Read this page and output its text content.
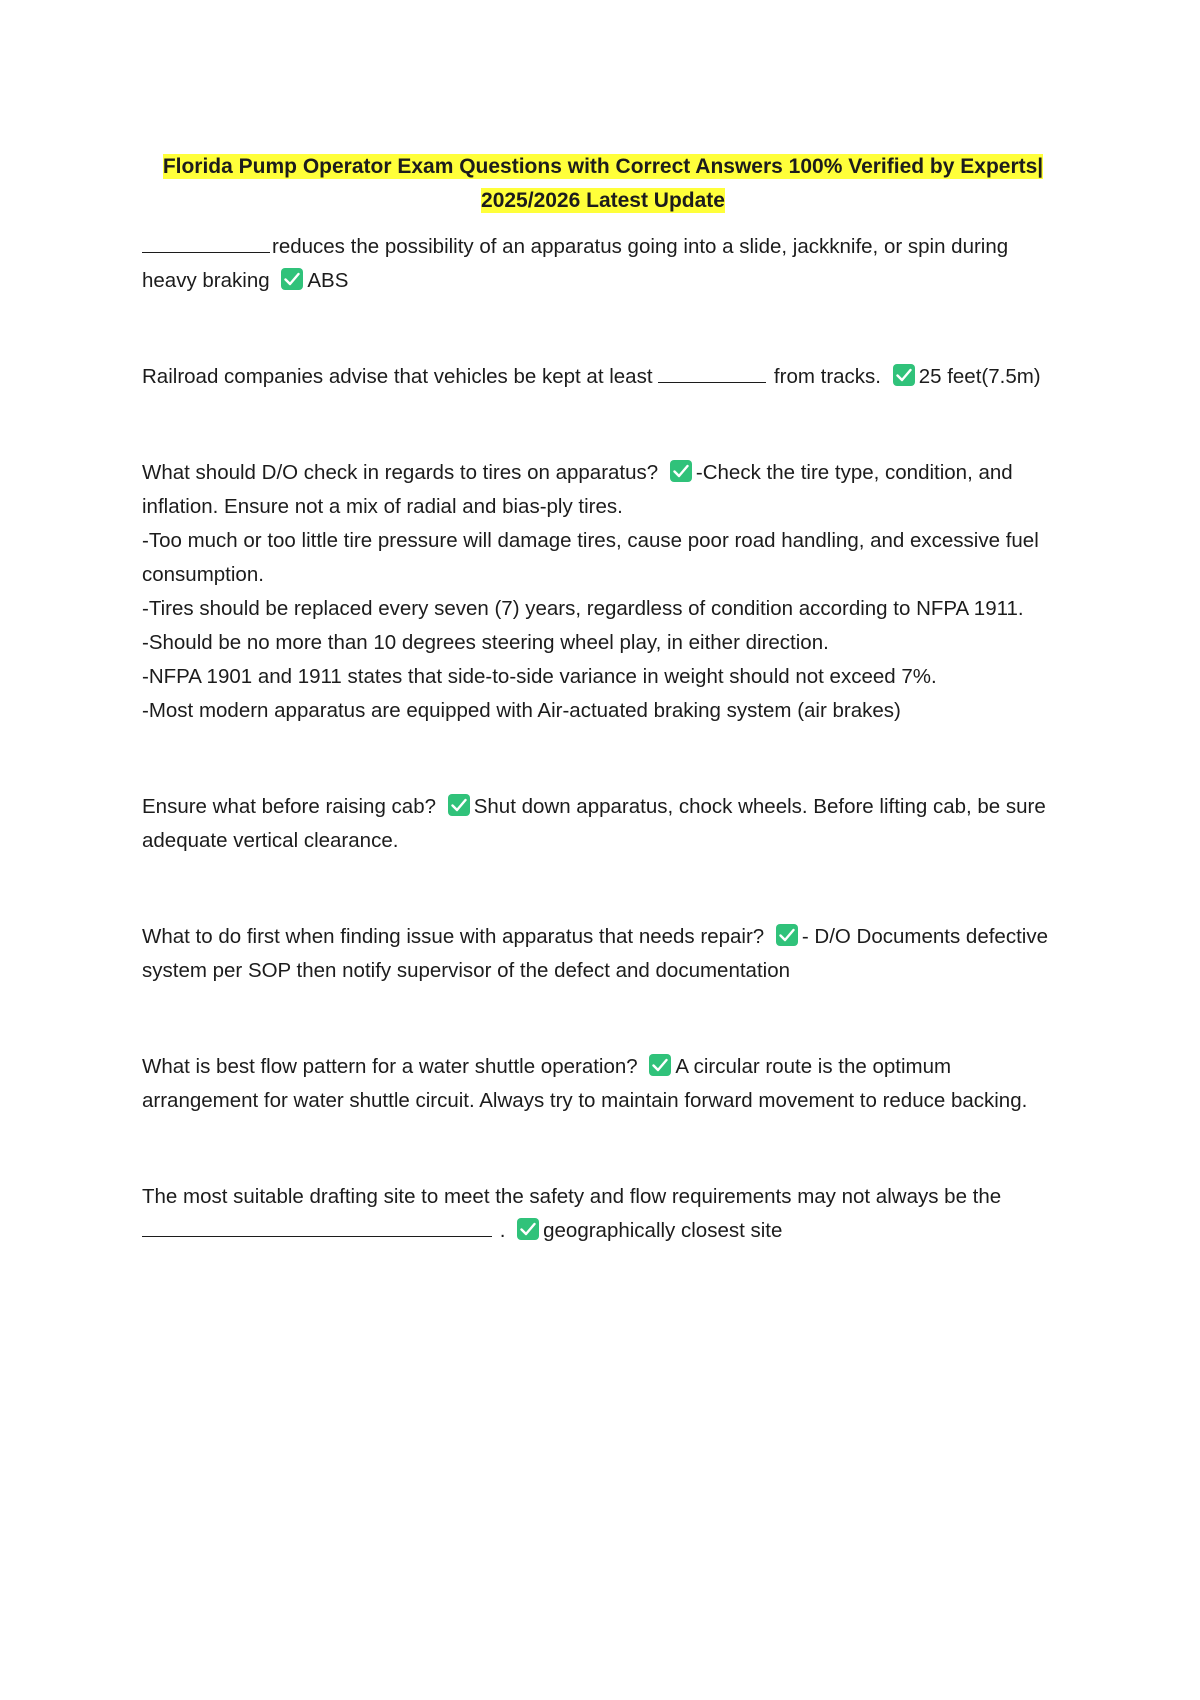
Florida Pump Operator Exam Questions with Correct Answers 100% Verified by Experts|
2025/2026 Latest Update

reduces the possibility of an apparatus going into a slide, jackknife, or spin during heavy braking ABS

Railroad companies advise that vehicles be kept at least	from tracks. 25 feet(7.5m)

What should D/O check in regards to tires on apparatus? -Check the tire type, condition, and inflation. Ensure not a mix of radial and bias-ply tires.

-Too much or too little tire pressure will damage tires, cause poor road handling, and excessive fuel consumption.

-Tires should be replaced every seven (7) years, regardless of condition according to NFPA 1911.

-Should be no more than 10 degrees steering wheel play, in either direction.

-NFPA 1901 and 1911 states that side-to-side variance in weight should not exceed 7%.

-Most modern apparatus are equipped with Air-actuated braking system (air brakes)

Ensure what before raising cab? Shut down apparatus, chock wheels. Before lifting cab, be sure adequate vertical clearance.

What to do first when finding issue with apparatus that needs repair? - D/O Documents defective system per SOP then notify supervisor of the defect and documentation

What is best flow pattern for a water shuttle operation? A circular route is the optimum arrangement for water shuttle circuit. Always try to maintain forward movement to reduce backing.

The most suitable drafting site to meet the safety and flow requirements may not always be the  . geographically closest site
